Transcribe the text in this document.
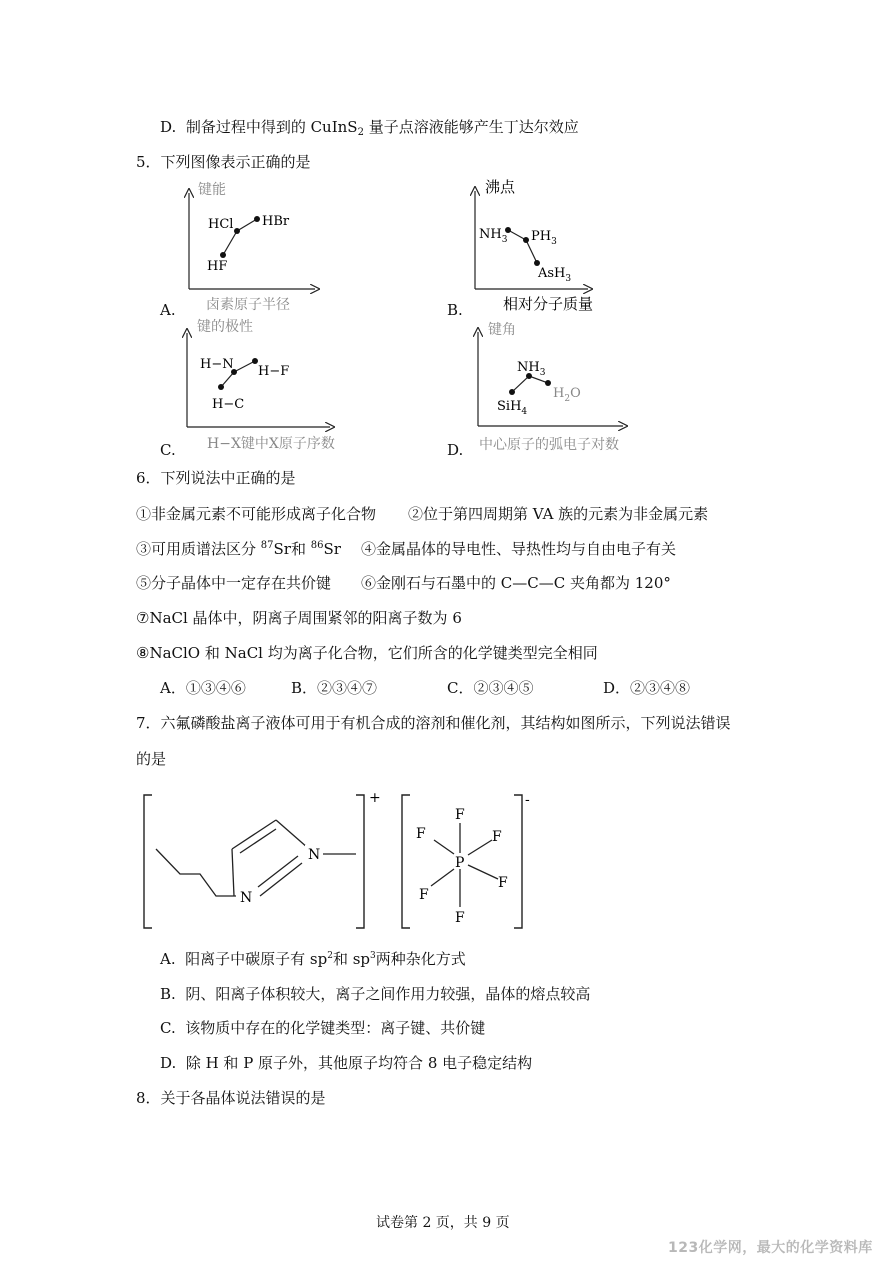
D. 制备过程中得到的 CuInS$_2$ 量子点溶液能够产生丁达尔效应
5．下列图像表示正确的是
A.
键能
卤素原子半径
HF
HCl HBr
B.
沸点
相对分子质量
$NH_3$ $PH_3$
AsH$_3$
C.
键的极性
H−X键中X原子序数
H−C
H−N H−F
D.
键角
中心原子的弧电子对数
SiH$_4$
$NH_3$
$H_2O$
6．下列说法中正确的是
①非金属元素不可能形成离子化合物 ②位于第四周期第 VA 族的元素为非金属元素
③可用质谱法区分 $^{87}$Sr和 $^{86}$Sr ④金属晶体的导电性、导热性均与自由电子有关
⑤分子晶体中一定存在共价键 ⑥金刚石与石墨中的 C—C—C 夹角都为 120°
⑦NaCl 晶体中，阴离子周围紧邻的阳离子数为 6
⑧NaClO 和 NaCl 均为离子化合物，它们所含的化学键类型完全相同
A．①③④⑥	B．②③④⑦	C．②③④⑤	D．②③④⑧
7．六氟磷酸盐离子液体可用于有机合成的溶剂和催化剂，其结构如图所示，下列说法错误
的是
+
N
N
-
F
F	F
P
F
F
F
A. 阳离子中碳原子有 $sp^2$和 $sp^3$两种杂化方式
B. 阴、阳离子体积较大，离子之间作用力较强，晶体的熔点较高
C. 该物质中存在的化学键类型：离子键、共价键
D. 除 H 和 P 原子外，其他原子均符合 8 电子稳定结构
8．关于各晶体说法错误的是
试卷第 2 页，共 9 页
123化学网，最大的化学资料库
